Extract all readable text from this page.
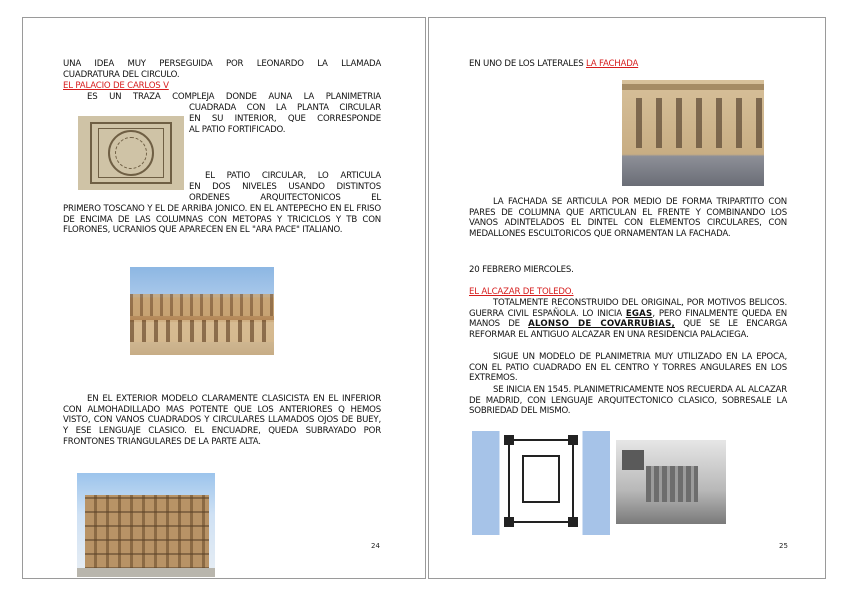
UNA IDEA MUY PERSEGUIDA POR LEONARDO LA LLAMADA
CUADRATURA DEL CIRCULO.
EL PALACIO DE CARLOS V
ES UN TRAZA COMPLEJA DONDE AUNA LA PLANIMETRIA
CUADRADA CON LA PLANTA CIRCULAR
EN SU INTERIOR, QUE CORRESPONDE
AL PATIO FORTIFICADO.
EL PATIO CIRCULAR, LO ARTICULA
EN DOS NIVELES USANDO DISTINTOS
ORDENES ARQUITECTONICOS EL
PRIMERO TOSCANO Y EL DE ARRIBA JONICO. EN EL ANTEPECHO EN EL FRISO DE ENCIMA DE LAS COLUMNAS CON METOPAS Y TRICICLOS Y TB CON FLORONES, UCRANIOS QUE APARECEN EN EL "ARA PACE" ITALIANO.
EN EL EXTERIOR MODELO CLARAMENTE CLASICISTA EN EL INFERIOR CON ALMOHADILLADO MAS POTENTE QUE LOS ANTERIORES Q HEMOS VISTO, CON VANOS CUADRADOS Y CIRCULARES LLAMADOS OJOS DE BUEY, Y ESE LENGUAJE CLASICO. EL ENCUADRE, QUEDA SUBRAYADO POR FRONTONES TRIANGULARES DE LA PARTE ALTA.
24
EN UNO DE LOS LATERALES LA FACHADA
LA FACHADA SE ARTICULA POR MEDIO DE FORMA TRIPARTITO CON PARES DE COLUMNA QUE ARTICULAN EL FRENTE Y COMBINANDO LOS VANOS ADINTELADOS EL DINTEL CON ELEMENTOS CIRCULARES, CON MEDALLONES ESCULTORICOS QUE ORNAMENTAN LA FACHADA.
20 FEBRERO MIERCOLES.
EL ALCAZAR DE TOLEDO.
TOTALMENTE RECONSTRUIDO DEL ORIGINAL, POR MOTIVOS BELICOS. GUERRA CIVIL ESPAÑOLA. LO INICIA EGAS, PERO FINALMENTE QUEDA EN MANOS DE ALONSO DE COVARRUBIAS, QUE SE LE ENCARGA REFORMAR EL ANTIGUO ALCAZAR EN UNA RESIDENCIA PALACIEGA.
SIGUE UN MODELO DE PLANIMETRIA MUY UTILIZADO EN LA EPOCA, CON EL PATIO CUADRADO EN EL CENTRO Y TORRES ANGULARES EN LOS EXTREMOS.
SE INICIA EN 1545. PLANIMETRICAMENTE NOS RECUERDA AL ALCAZAR DE MADRID, CON LENGUAJE ARQUITECTONICO CLASICO, SOBRESALE LA SOBRIEDAD DEL MISMO.
25
